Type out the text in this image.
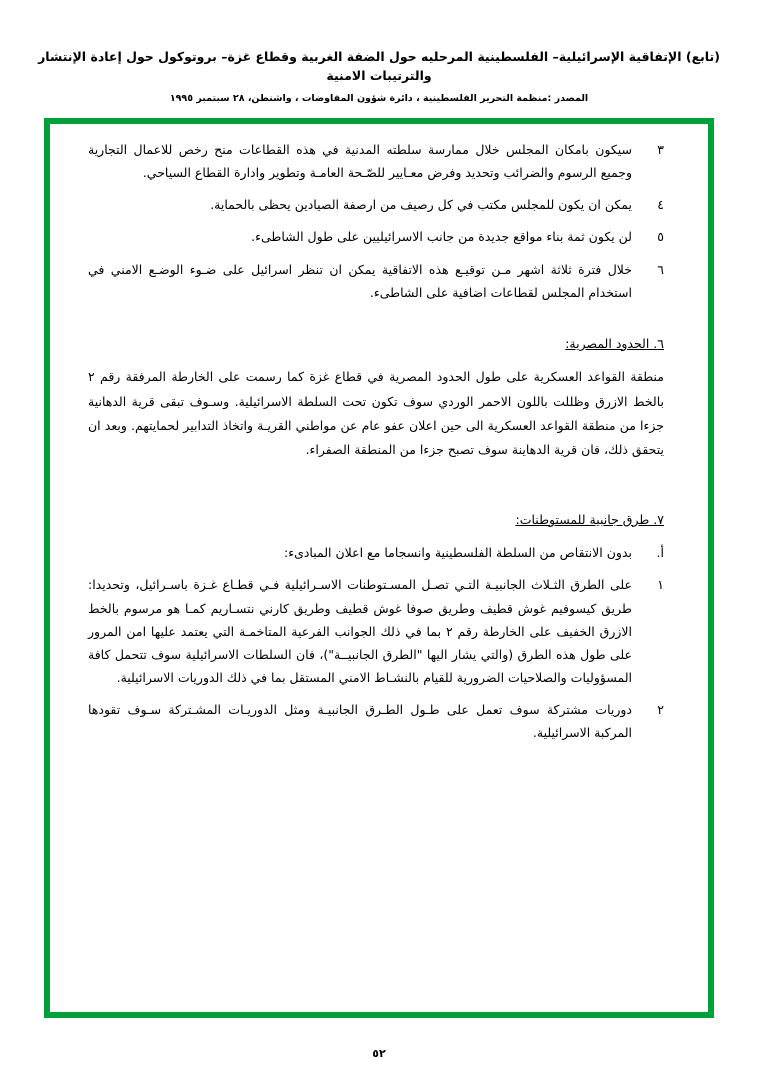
(تابع) الإتفاقية الإسرائيلية– الفلسطينية المرحليه حول الضفة الغربية وقطاع غزة– بروتوكول حول إعادة الإنتشار والترتيبات الامنية
المصدر :منظمة التحرير الفلسطينية ، دائرة شؤون المفاوضات ، واشنطن، ٢٨ سبتمبر ١٩٩٥
٣
سيكون بامكان المجلس خلال ممارسة سلطته المدنية في هذه القطاعات منح رخص للاعمال التجارية وجميع الرسوم والضرائب وتحديد وفرض معـايير للصّـحة العامـة وتطوير وادارة القطاع السياحي.
٤
يمكن ان يكون للمجلس مكتب في كل رصيف من ارصفة الصيادين يحظى بالحماية.
٥
لن يكون ثمة بناء مواقع جديدة من جانب الاسرائيليين على طول الشاطىء.
٦
خلال فترة ثلاثة اشهر مـن توقيـع هذه الاتفاقية يمكن ان تنظر اسرائيل على ضـوء الوضـع الامني في استخدام المجلس لقطاعات اضافية على الشاطىء.
٦. الحدود المصرية:
منطقة القواعد العسكرية على طول الحدود المصرية في قطاع غزة كما رسمت على الخارطة المرفقة رقم ٢ بالخط الازرق وظللت باللون الاحمر الوردي سوف تكون تحت السلطة الاسرائيلية. وسـوف تبقى قرية الدهانية جزءا من منطقة القواعد العسكرية الى حين اعلان عفو عام عن مواطني القريـة واتخاذ التدابير لحمايتهم. وبعد ان يتحقق ذلك، فان قرية الدهاينة سوف تصبح جزءا من المنطقة الصفراء.
٧. طرق جانبية للمستوطنات:
أ.
بدون الانتقاص من السلطة الفلسطينية وانسجاما مع اعلان المبادىء:
١
على الطرق الثـلاث الجانبيـة التـي تصـل المسـتوطنات الاسـرائيلية فـي قطـاع غـزة باسـرائيل، وتحديدا: طريق كيسوفيم غوش قطيف وطريق صوفا غوش قطيف وطريق كارني نتسـاريم كمـا هو مرسوم بالخط الازرق الخفيف على الخارطة رقم ٢ بما في ذلك الجوانب الفرعية المتاخمـة التي يعتمد عليها امن المرور على طول هذه الطرق (والتي يشار اليها "الطرق الجانبيــة")، فان السلطات الاسرائيلية سوف تتحمل كافة المسؤوليات والصلاحيات الضرورية للقيام بالنشـاط الامني المستقل بما في ذلك الدوريات الاسرائيلية.
٢
دوريات مشتركة سوف تعمل على طـول الطـرق الجانبيـة ومثل الدوريـات المشـتركة سـوف تقودها المركبة الاسرائيلية.
٥٢
